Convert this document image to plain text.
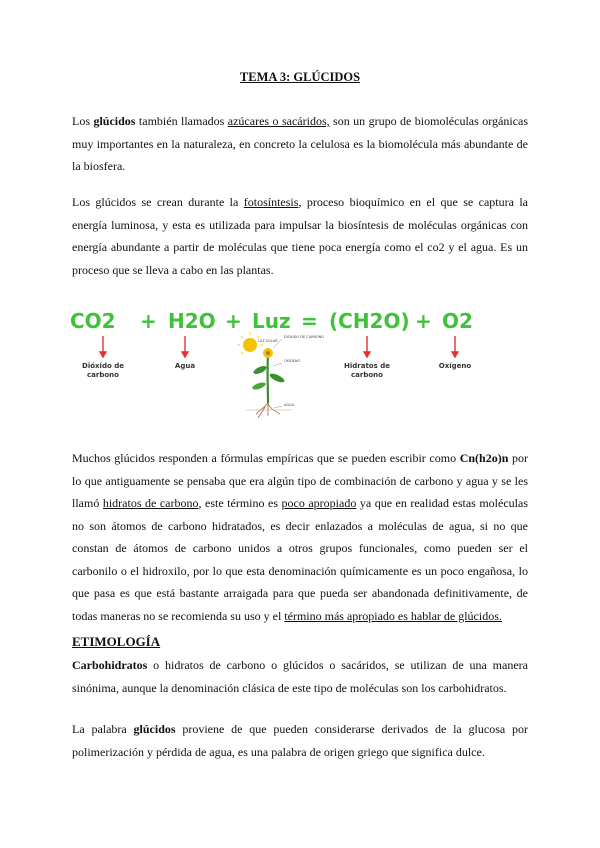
TEMA 3: GLÚCIDOS

Los glúcidos también llamados azúcares o sacáridos, son un grupo de biomoléculas orgánicas muy importantes en la naturaleza, en concreto la celulosa es la biomolécula más abundante de la biosfera.

Los glúcidos se crean durante la fotosíntesis, proceso bioquímico en el que se captura la energía luminosa, y esta es utilizada para impulsar la biosíntesis de moléculas orgánicas con energía abundante a partir de moléculas que tiene poca energía como el co2 y el agua. Es un proceso que se lleva a cabo en las plantas.

CO2 + H2O + Luz = (CH2O) + O2
Dióxido de
carbono
Agua	Hidratos de
carbono
Oxígeno
LUZ SOLAR
DIÓXIDO DE CARBONO
OXÍGENO
AGUA

Muchos glúcidos responden a fórmulas empíricas que se pueden escribir como Cn(h2o)n por lo que antiguamente se pensaba que era algún tipo de combinación de carbono y agua y se les llamó hidratos de carbono, este término es poco apropiado ya que en realidad estas moléculas no son átomos de carbono hidratados, es decir enlazados a moléculas de agua, si no que constan de átomos de carbono unidos a otros grupos funcionales, como pueden ser el carbonilo o el hidroxilo, por lo que esta denominación químicamente es un poco engañosa, lo que pasa es que está bastante arraigada para que pueda ser abandonada definitivamente, de todas maneras no se recomienda su uso y el término más apropiado es hablar de glúcidos.

ETIMOLOGÍA

Carbohidratos o hidratos de carbono o glúcidos o sacáridos, se utilizan de una manera sinónima, aunque la denominación clásica de este tipo de moléculas son los carbohidratos.

La palabra glúcidos proviene de que pueden considerarse derivados de la glucosa por polimerización y pérdida de agua, es una palabra de origen griego que significa dulce.
